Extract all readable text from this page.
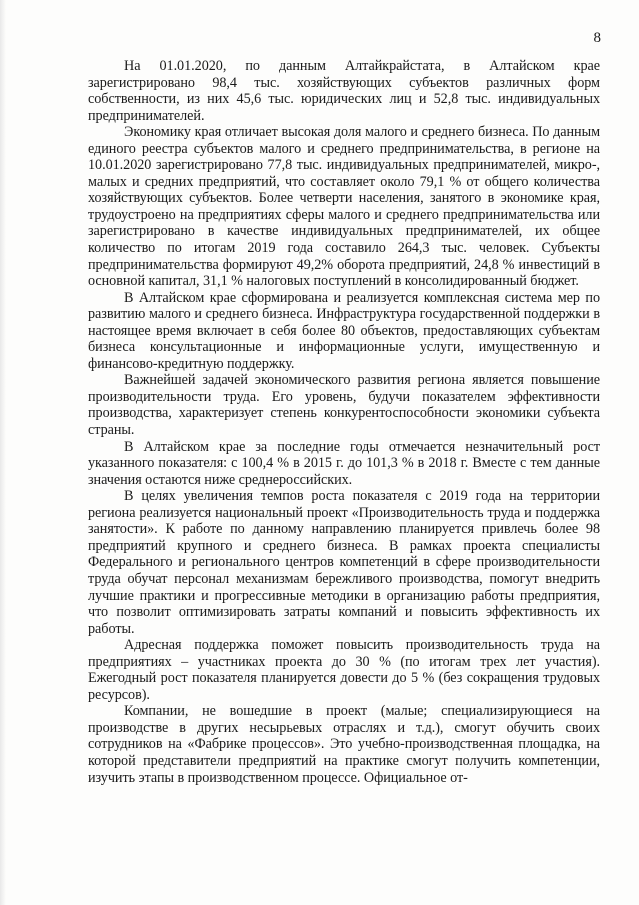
8

На 01.01.2020, по данным Алтайкрайстата, в Алтайском крае зарегистрировано 98,4 тыс. хозяйствующих субъектов различных форм собственности, из них 45,6 тыс. юридических лиц и 52,8 тыс. индивидуальных предпринимателей.

Экономику края отличает высокая доля малого и среднего бизнеса. По данным единого реестра субъектов малого и среднего предпринимательства, в регионе на 10.01.2020 зарегистрировано 77,8 тыс. индивидуальных предпринимателей, микро-, малых и средних предприятий, что составляет около 79,1 % от общего количества хозяйствующих субъектов. Более четверти населения, занятого в экономике края, трудоустроено на предприятиях сферы малого и среднего предпринимательства или зарегистрировано в качестве индивидуальных предпринимателей, их общее количество по итогам 2019 года составило 264,3 тыс. человек. Субъекты предпринимательства формируют 49,2% оборота предприятий, 24,8 % инвестиций в основной капитал, 31,1 % налоговых поступлений в консолидированный бюджет.

В Алтайском крае сформирована и реализуется комплексная система мер по развитию малого и среднего бизнеса. Инфраструктура государственной поддержки в настоящее время включает в себя более 80 объектов, предоставляющих субъектам бизнеса консультационные и информационные услуги, имущественную и финансово-кредитную поддержку.

Важнейшей задачей экономического развития региона является повышение производительности труда. Его уровень, будучи показателем эффективности производства, характеризует степень конкурентоспособности экономики субъекта страны.

В Алтайском крае за последние годы отмечается незначительный рост указанного показателя: с 100,4 % в 2015 г. до 101,3 % в 2018 г. Вместе с тем данные значения остаются ниже среднероссийских.

В целях увеличения темпов роста показателя с 2019 года на территории региона реализуется национальный проект «Производительность труда и поддержка занятости». К работе по данному направлению планируется привлечь более 98 предприятий крупного и среднего бизнеса. В рамках проекта специалисты Федерального и регионального центров компетенций в сфере производительности труда обучат персонал механизмам бережливого производства, помогут внедрить лучшие практики и прогрессивные методики в организацию работы предприятия, что позволит оптимизировать затраты компаний и повысить эффективность их работы.

Адресная поддержка поможет повысить производительность труда на предприятиях – участниках проекта до 30 % (по итогам трех лет участия). Ежегодный рост показателя планируется довести до 5 % (без сокращения трудовых ресурсов).

Компании, не вошедшие в проект (малые; специализирующиеся на производстве в других несырьевых отраслях и т.д.), смогут обучить своих сотрудников на «Фабрике процессов». Это учебно-производственная площадка, на которой представители предприятий на практике смогут получить компетенции, изучить этапы в производственном процессе. Официальное от-
